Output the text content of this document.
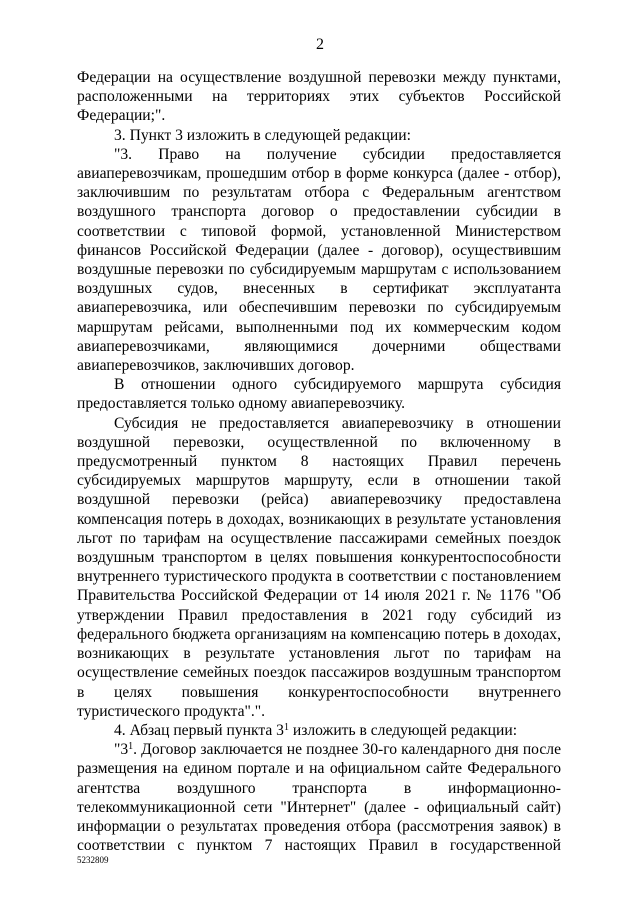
2

Федерации на осуществление воздушной перевозки между пунктами, расположенными на территориях этих субъектов Российской Федерации;".

3. Пункт 3 изложить в следующей редакции:

"3. Право на получение субсидии предоставляется авиаперевозчикам, прошедшим отбор в форме конкурса (далее - отбор), заключившим по результатам отбора с Федеральным агентством воздушного транспорта договор о предоставлении субсидии в соответствии с типовой формой, установленной Министерством финансов Российской Федерации (далее - договор), осуществившим воздушные перевозки по субсидируемым маршрутам с использованием воздушных судов, внесенных в сертификат эксплуатанта авиаперевозчика, или обеспечившим перевозки по субсидируемым маршрутам рейсами, выполненными под их коммерческим кодом авиаперевозчиками, являющимися дочерними обществами авиаперевозчиков, заключивших договор.

В отношении одного субсидируемого маршрута субсидия предоставляется только одному авиаперевозчику.

Субсидия не предоставляется авиаперевозчику в отношении воздушной перевозки, осуществленной по включенному в предусмотренный пунктом 8 настоящих Правил перечень субсидируемых маршрутов маршруту, если в отношении такой воздушной перевозки (рейса) авиаперевозчику предоставлена компенсация потерь в доходах, возникающих в результате установления льгот по тарифам на осуществление пассажирами семейных поездок воздушным транспортом в целях повышения конкурентоспособности внутреннего туристического продукта в соответствии с постановлением Правительства Российской Федерации от 14 июля 2021 г. № 1176 "Об утверждении Правил предоставления в 2021 году субсидий из федерального бюджета организациям на компенсацию потерь в доходах, возникающих в результате установления льгот по тарифам на осуществление семейных поездок пассажиров воздушным транспортом в целях повышения конкурентоспособности внутреннего туристического продукта".".

4. Абзац первый пункта $3^1$ изложить в следующей редакции:

"$3^1$. Договор заключается не позднее 30-го календарного дня после размещения на едином портале и на официальном сайте Федерального агентства воздушного транспорта в информационно-телекоммуникационной сети "Интернет" (далее - официальный сайт) информации о результатах проведения отбора (рассмотрения заявок) в соответствии с пунктом 7 настоящих Правил в государственной

5232809
